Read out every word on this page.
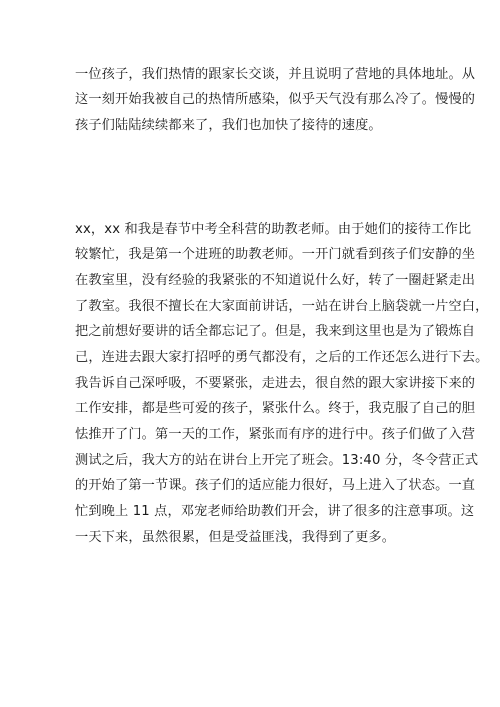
一位孩子，我们热情的跟家长交谈，并且说明了营地的具体地址。从
这一刻开始我被自己的热情所感染，似乎天气没有那么冷了。慢慢的
孩子们陆陆续续都来了，我们也加快了接待的速度。
xx，xx 和我是春节中考全科营的助教老师。由于她们的接待工作比
较繁忙，我是第一个进班的助教老师。一开门就看到孩子们安静的坐
在教室里，没有经验的我紧张的不知道说什么好，转了一圈赶紧走出
了教室。我很不擅长在大家面前讲话，一站在讲台上脑袋就一片空白，
把之前想好要讲的话全都忘记了。但是，我来到这里也是为了锻炼自
己，连进去跟大家打招呼的勇气都没有，之后的工作还怎么进行下去。
我告诉自己深呼吸，不要紧张，走进去，很自然的跟大家讲接下来的
工作安排，都是些可爱的孩子，紧张什么。终于，我克服了自己的胆
怯推开了门。第一天的工作，紧张而有序的进行中。孩子们做了入营
测试之后，我大方的站在讲台上开完了班会。13:40 分，冬令营正式
的开始了第一节课。孩子们的适应能力很好，马上进入了状态。一直
忙到晚上 11 点，邓宠老师给助教们开会，讲了很多的注意事项。这
一天下来，虽然很累，但是受益匪浅，我得到了更多。
